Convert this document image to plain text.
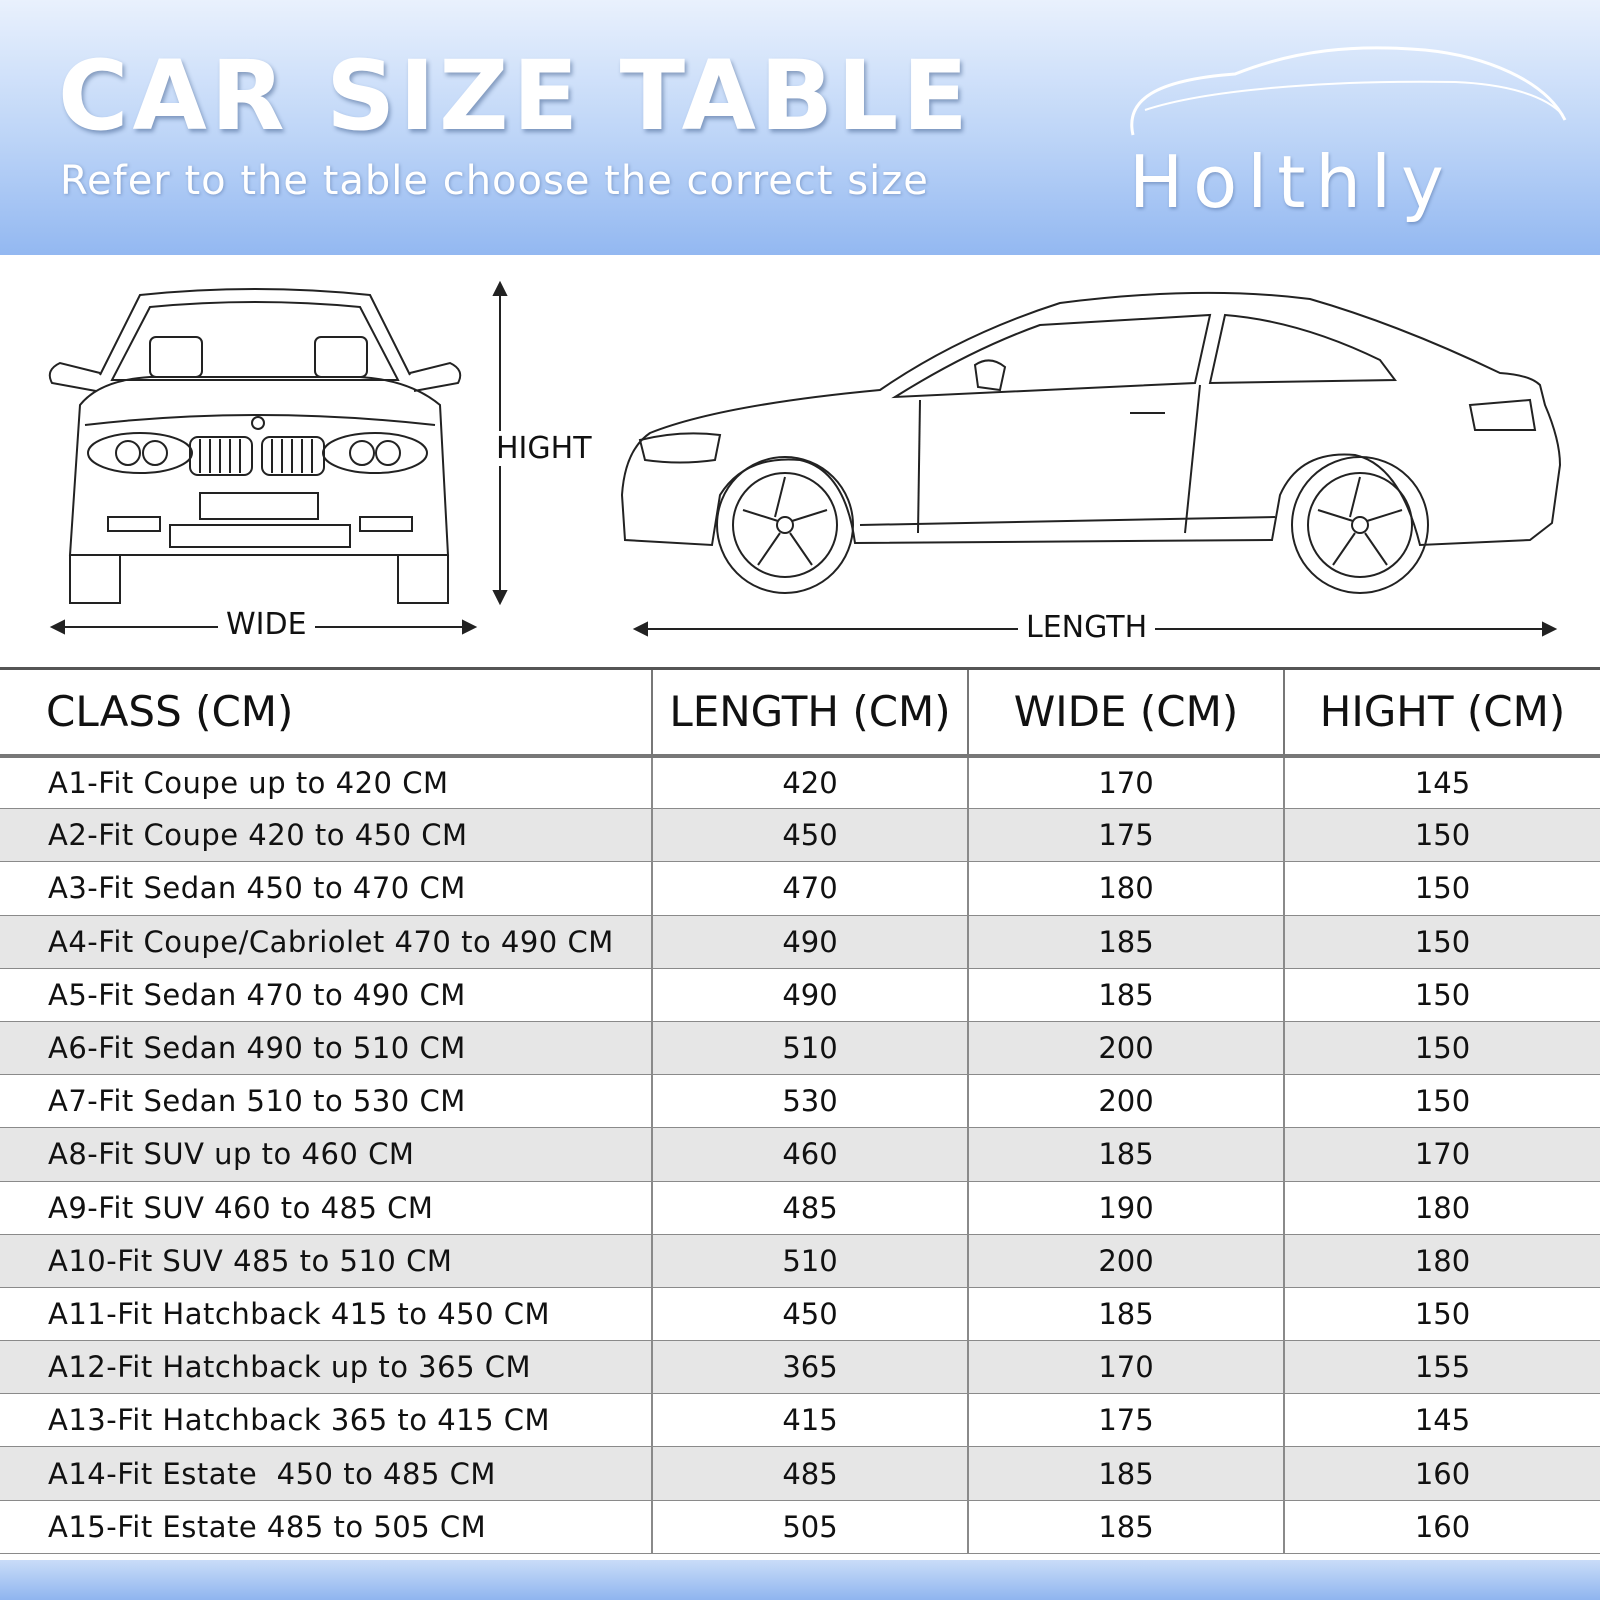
CAR SIZE TABLE
Refer to the table choose the correct size	Holthly
HIGHT
WIDE	LENGTH
CLASS (CM)	LENGTH (CM)	WIDE (CM)	HIGHT (CM)
A1-Fit Coupe up to 420 CM	420	170	145
A2-Fit Coupe 420 to 450 CM	450	175	150
A3-Fit Sedan 450 to 470 CM	470	180	150
A4-Fit Coupe/Cabriolet 470 to 490 CM	490	185	150
A5-Fit Sedan 470 to 490 CM	490	185	150
A6-Fit Sedan 490 to 510 CM	510	200	150
A7-Fit Sedan 510 to 530 CM	530	200	150
A8-Fit SUV up to 460 CM	460	185	170
A9-Fit SUV 460 to 485 CM	485	190	180
A10-Fit SUV 485 to 510 CM	510	200	180
A11-Fit Hatchback 415 to 450 CM	450	185	150
A12-Fit Hatchback up to 365 CM	365	170	155
A13-Fit Hatchback 365 to 415 CM	415	175	145
A14-Fit Estate  450 to 485 CM	485	185	160
A15-Fit Estate 485 to 505 CM	505	185	160
